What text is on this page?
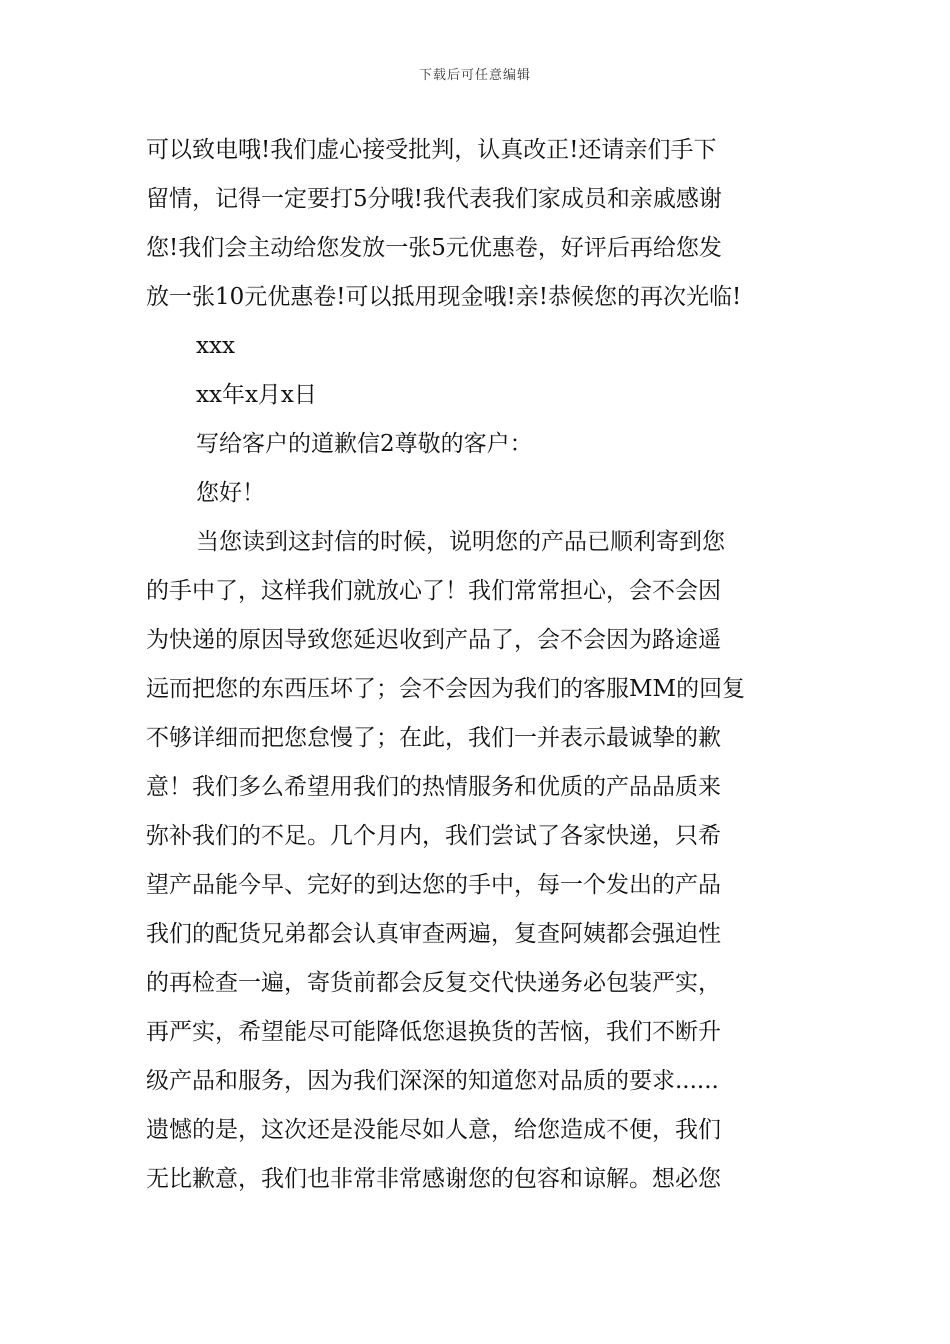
下载后可任意编辑
可以致电哦!我们虚心接受批判，认真改正!还请亲们手下
留情，记得一定要打5分哦!我代表我们家成员和亲戚感谢
您!我们会主动给您发放一张5元优惠卷，好评后再给您发
放一张10元优惠卷!可以抵用现金哦!亲!恭候您的再次光临!
xxx
xx年x月x日
写给客户的道歉信2尊敬的客户：
您好！
当您读到这封信的时候，说明您的产品已顺利寄到您
的手中了，这样我们就放心了！我们常常担心，会不会因
为快递的原因导致您延迟收到产品了，会不会因为路途遥
远而把您的东西压坏了；会不会因为我们的客服MM的回复
不够详细而把您怠慢了；在此，我们一并表示最诚挚的歉
意！我们多么希望用我们的热情服务和优质的产品品质来
弥补我们的不足。几个月内，我们尝试了各家快递，只希
望产品能今早、完好的到达您的手中，每一个发出的产品
我们的配货兄弟都会认真审查两遍，复查阿姨都会强迫性
的再检查一遍，寄货前都会反复交代快递务必包装严实，
再严实，希望能尽可能降低您退换货的苦恼，我们不断升
级产品和服务，因为我们深深的知道您对品质的要求......
遗憾的是，这次还是没能尽如人意，给您造成不便，我们
无比歉意，我们也非常非常感谢您的包容和谅解。想必您
